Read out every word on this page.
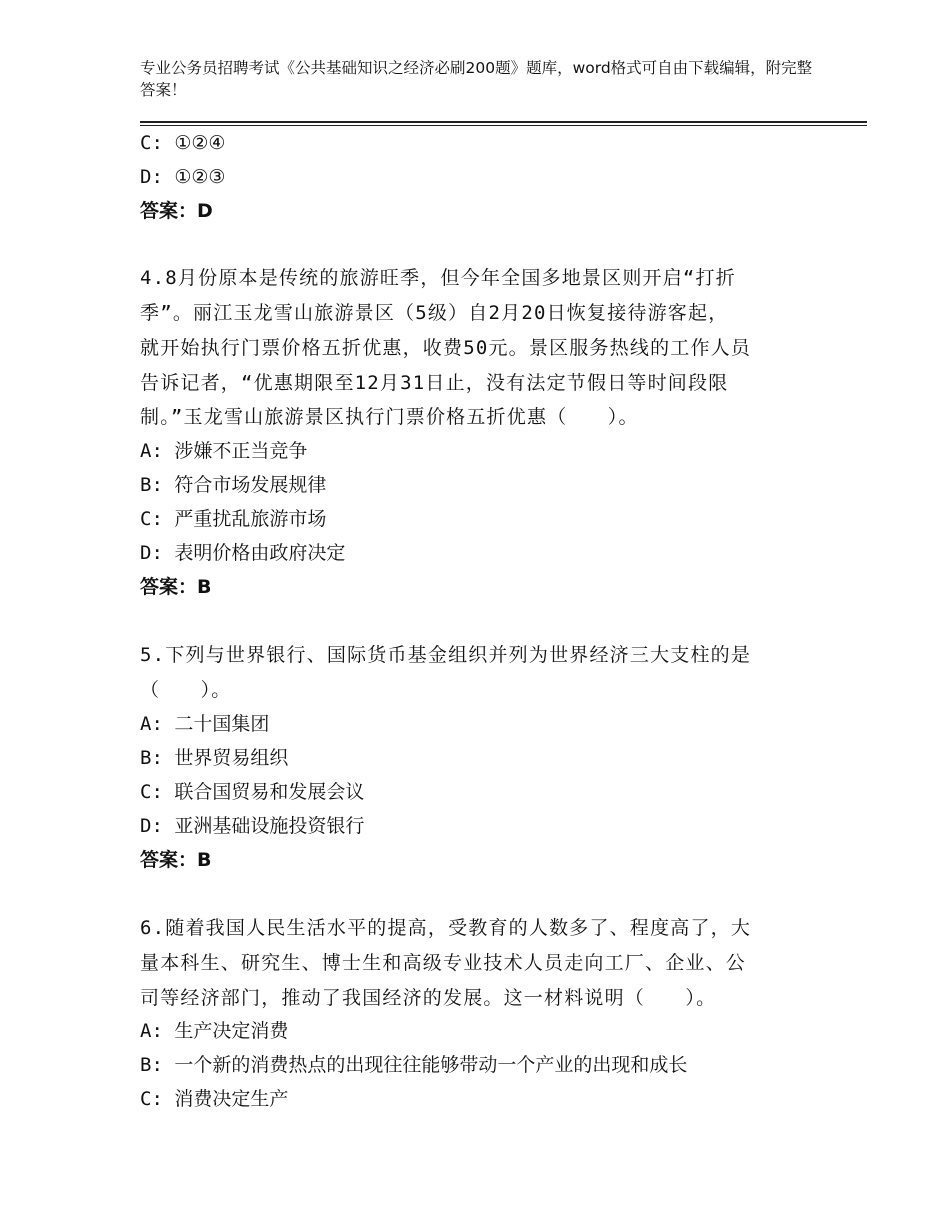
专业公务员招聘考试《公共基础知识之经济必刷200题》题库，word格式可自由下载编辑，附完整答案！
C: ①②④
D: ①②③
答案：D
4.8月份原本是传统的旅游旺季，但今年全国多地景区则开启“打折
季”。丽江玉龙雪山旅游景区（5级）自2月20日恢复接待游客起，
就开始执行门票价格五折优惠，收费50元。景区服务热线的工作人员
告诉记者，“优惠期限至12月31日止，没有法定节假日等时间段限
制。”玉龙雪山旅游景区执行门票价格五折优惠（　　）。
A: 涉嫌不正当竞争
B: 符合市场发展规律
C: 严重扰乱旅游市场
D: 表明价格由政府决定
答案：B
5.下列与世界银行、国际货币基金组织并列为世界经济三大支柱的是
（　　）。
A: 二十国集团
B: 世界贸易组织
C: 联合国贸易和发展会议
D: 亚洲基础设施投资银行
答案：B
6.随着我国人民生活水平的提高，受教育的人数多了、程度高了，大
量本科生、研究生、博士生和高级专业技术人员走向工厂、企业、公
司等经济部门，推动了我国经济的发展。这一材料说明（　　）。
A: 生产决定消费
B: 一个新的消费热点的出现往往能够带动一个产业的出现和成长
C: 消费决定生产
